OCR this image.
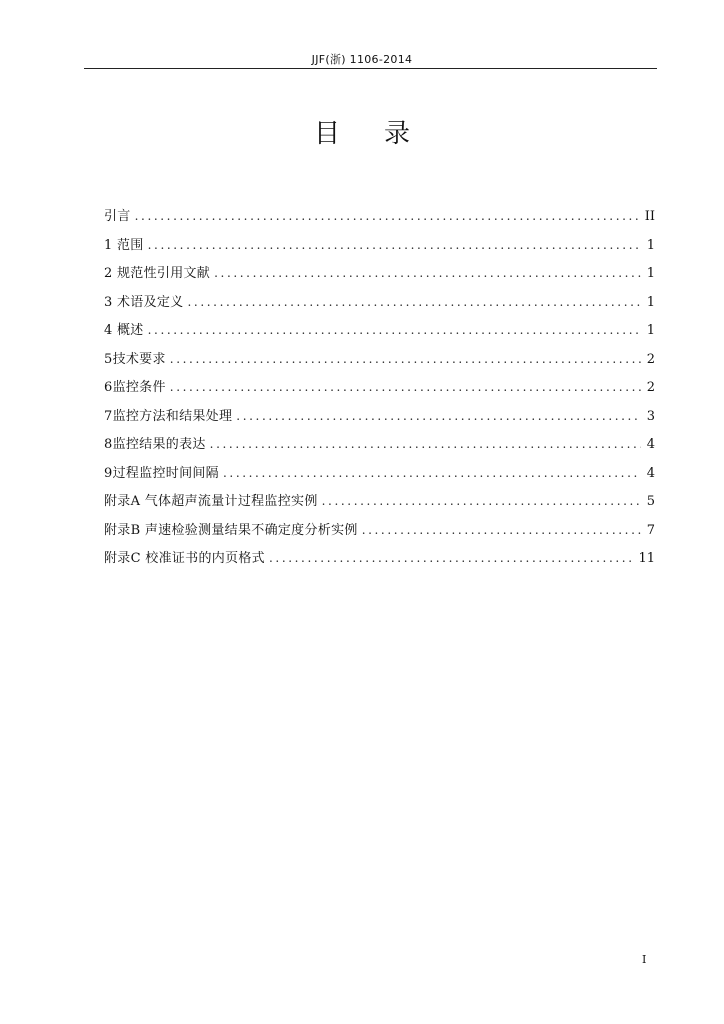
JJF(浙) 1106-2014
目 录
引言 .....	II
1 范围 .....	1
2 规范性引用文献 .....	1
3 术语及定义 .....	1
4 概述 .....	1
5技术要求 .....	2
6监控条件 .....	2
7监控方法和结果处理 .....	3
8监控结果的表达 .....	4
9过程监控时间间隔 .....	4
附录A 气体超声流量计过程监控实例 .....	5
附录B 声速检验测量结果不确定度分析实例 .....	7
附录C 校准证书的内页格式 .....	11
I
